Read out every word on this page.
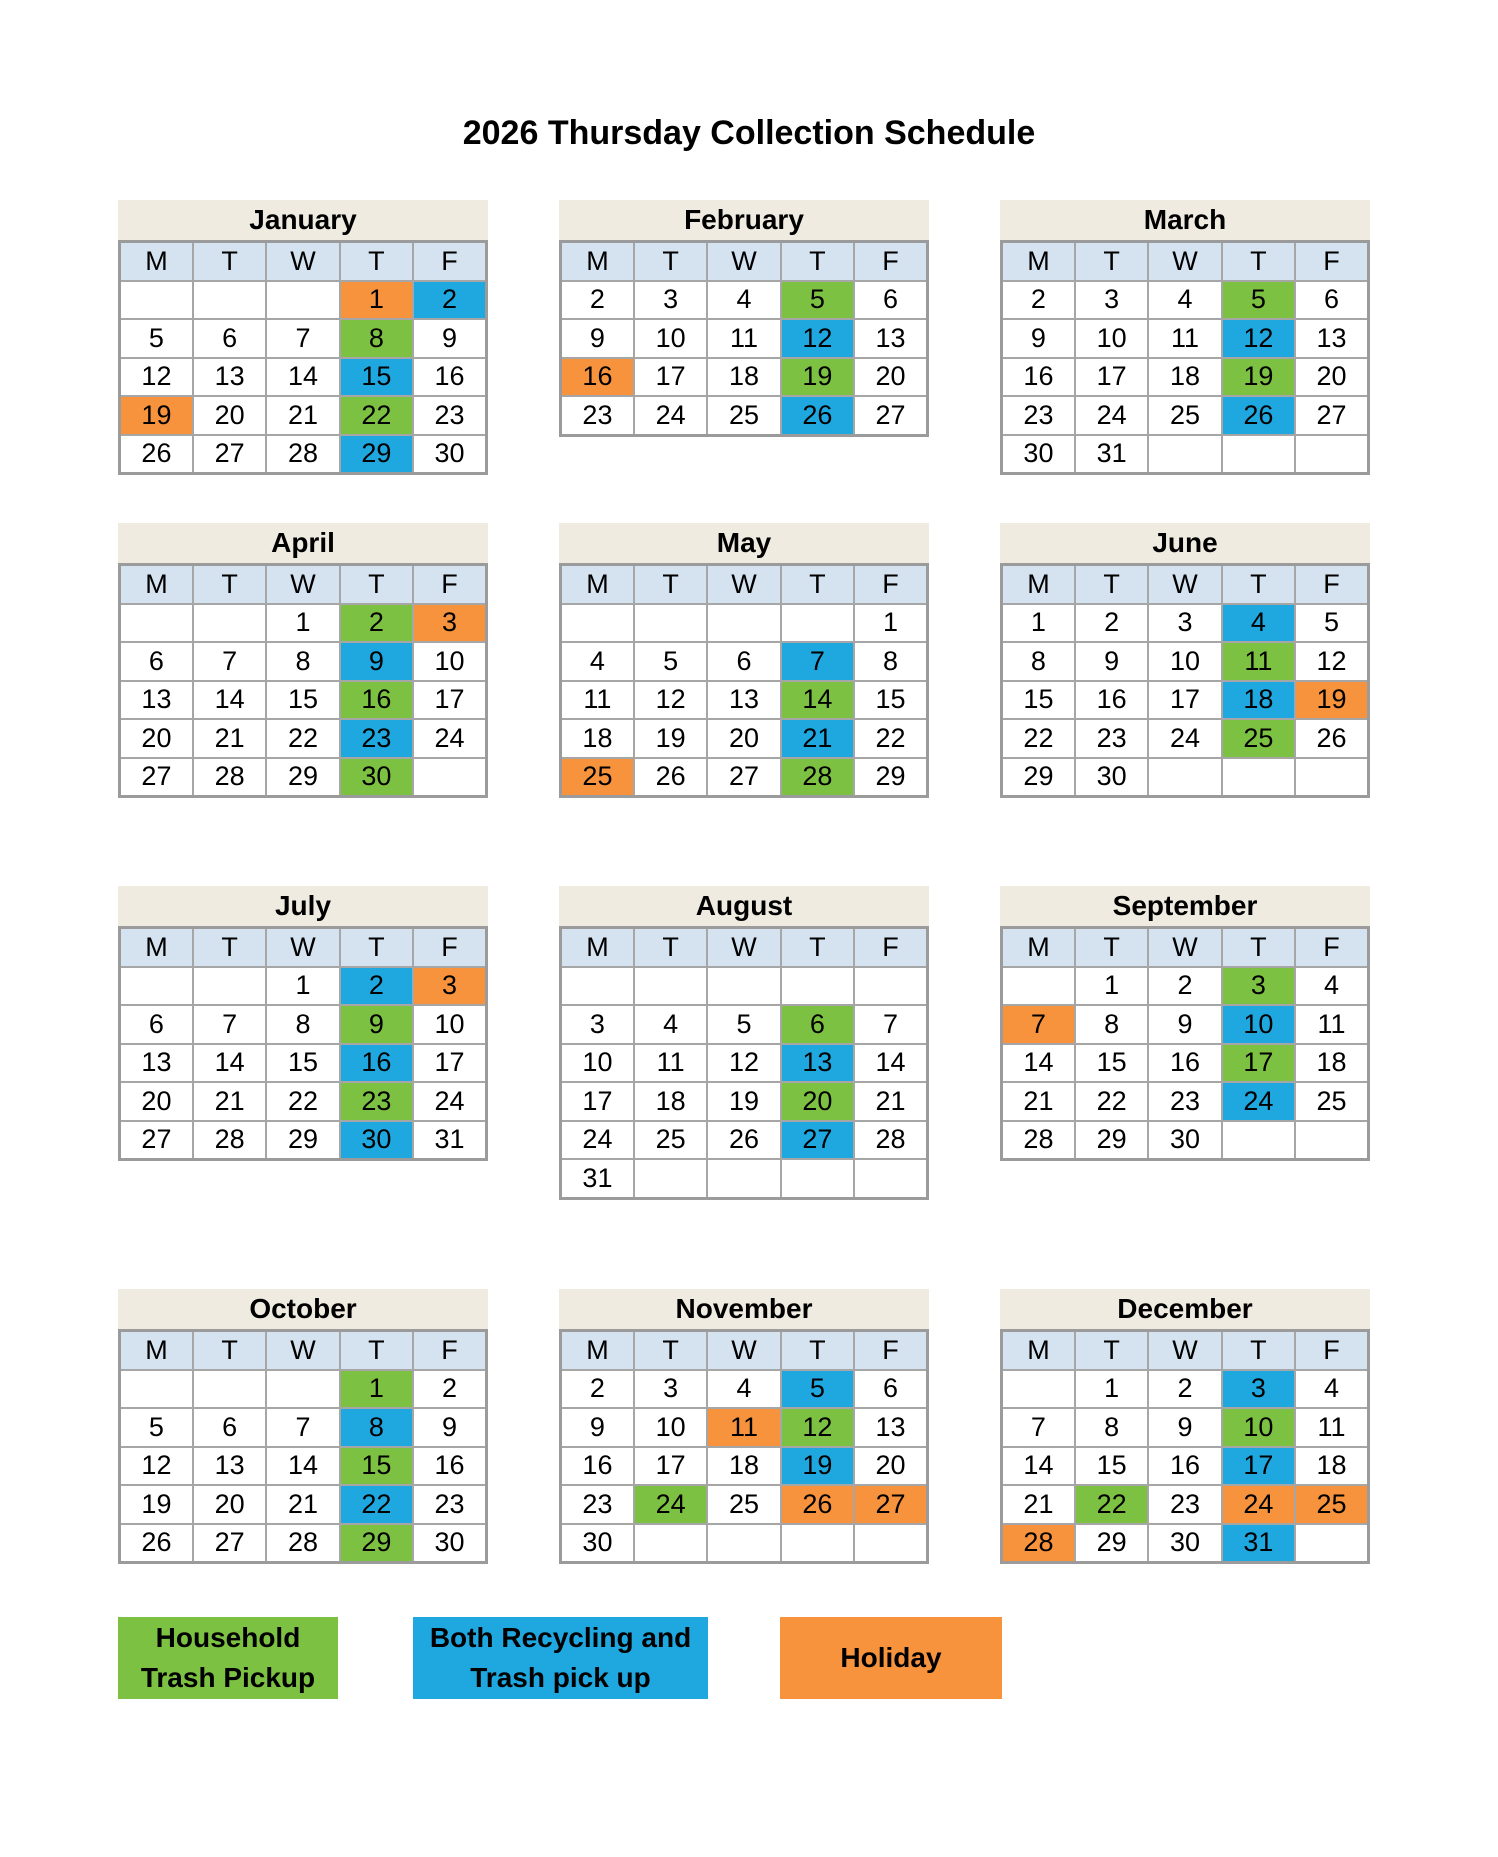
2026 Thursday Collection Schedule
January
M	T	W	T	F
			1	2
5	6	7	8	9
12	13	14	15	16
19	20	21	22	23
26	27	28	29	30
February
M	T	W	T	F
2	3	4	5	6
9	10	11	12	13
16	17	18	19	20
23	24	25	26	27
March
M	T	W	T	F
2	3	4	5	6
9	10	11	12	13
16	17	18	19	20
23	24	25	26	27
30	31			
April
M	T	W	T	F
		1	2	3
6	7	8	9	10
13	14	15	16	17
20	21	22	23	24
27	28	29	30	
May
M	T	W	T	F
				1
4	5	6	7	8
11	12	13	14	15
18	19	20	21	22
25	26	27	28	29
June
M	T	W	T	F
1	2	3	4	5
8	9	10	11	12
15	16	17	18	19
22	23	24	25	26
29	30			
July
M	T	W	T	F
		1	2	3
6	7	8	9	10
13	14	15	16	17
20	21	22	23	24
27	28	29	30	31
August
M	T	W	T	F

3	4	5	6	7
10	11	12	13	14
17	18	19	20	21
24	25	26	27	28
31				
September
M	T	W	T	F
	1	2	3	4
7	8	9	10	11
14	15	16	17	18
21	22	23	24	25
28	29	30		
October
M	T	W	T	F
			1	2
5	6	7	8	9
12	13	14	15	16
19	20	21	22	23
26	27	28	29	30
November
M	T	W	T	F
2	3	4	5	6
9	10	11	12	13
16	17	18	19	20
23	24	25	26	27
30				
December
M	T	W	T	F
	1	2	3	4
7	8	9	10	11
14	15	16	17	18
21	22	23	24	25
28	29	30	31	
Household
Trash Pickup
Both Recycling and
Trash pick up
Holiday
